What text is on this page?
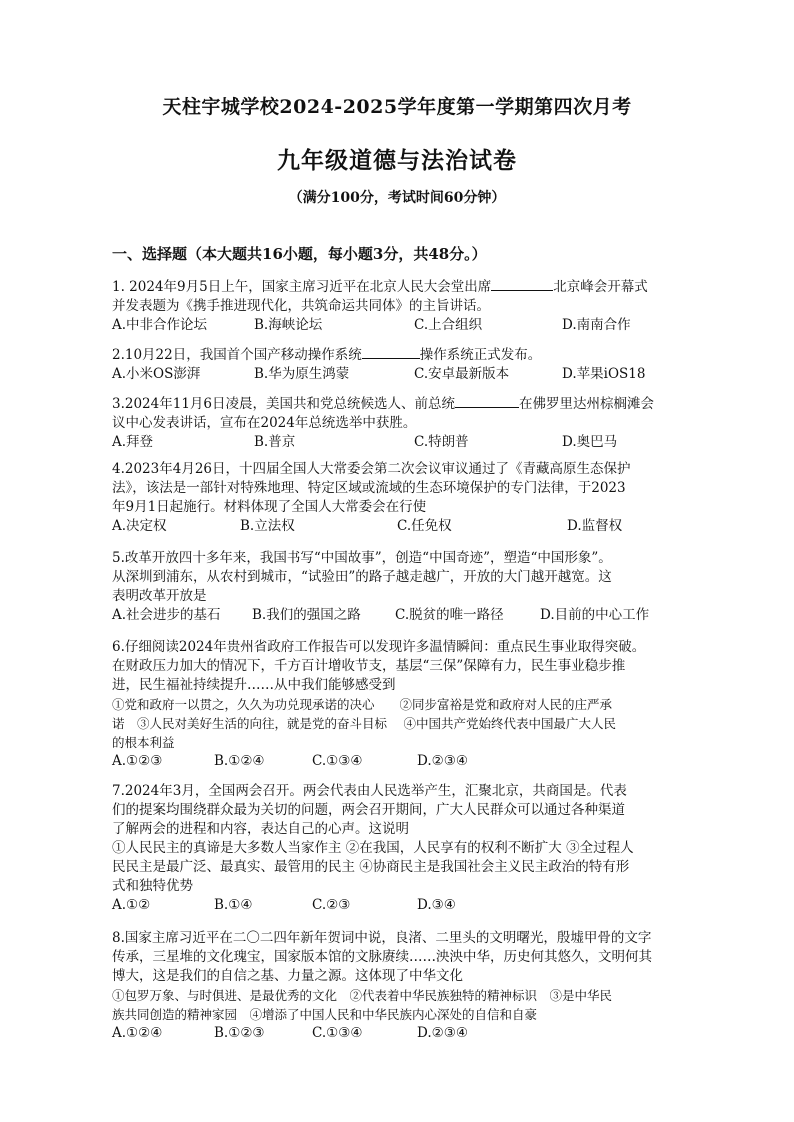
天柱宇城学校2024-2025学年度第一学期第四次月考
九年级道德与法治试卷
（满分100分，考试时间60分钟）
一、选择题（本大题共16小题，每小题3分，共48分。）

1. 2024年9月5日上午，国家主席习近平在北京人民大会堂出席	北京峰会开幕式

并发表题为《携手推进现代化，共筑命运共同体》的主旨讲话。

A.中非合作论坛	B.海峡论坛	C.上合组织	D.南南合作

2.10月22日，我国首个国产移动操作系统	操作系统正式发布。

A.小米OS澎湃	B.华为原生鸿蒙	C.安卓最新版本	D.苹果iOS18

3.2024年11月6日凌晨，美国共和党总统候选人、前总统	在佛罗里达州棕榈滩会

议中心发表讲话，宣布在2024年总统选举中获胜。

A.拜登	B.普京	C.特朗普	D.奥巴马

4.2023年4月26日，十四届全国人大常委会第二次会议审议通过了《青藏高原生态保护

法》，该法是一部针对特殊地理、特定区域或流域的生态环境保护的专门法律，于2023

年9月1日起施行。材料体现了全国人大常委会在行使

A.决定权	B.立法权	C.任免权	D.监督权

5.改革开放四十多年来，我国书写“中国故事”，创造“中国奇迹”，塑造“中国形象”。

从深圳到浦东，从农村到城市，“试验田”的路子越走越广，开放的大门越开越宽。这

表明改革开放是

A.社会进步的基石 B.我们的强国之路	C.脱贫的唯一路径	D.目前的中心工作

6.仔细阅读2024年贵州省政府工作报告可以发现许多温情瞬间：重点民生事业取得突破。

在财政压力加大的情况下，千方百计增收节支，基层“三保”保障有力，民生事业稳步推

进，民生福祉持续提升……从中我们能够感受到

①党和政府一以贯之，久久为功兑现承诺的决心　　②同步富裕是党和政府对人民的庄严承

诺　③人民对美好生活的向往，就是党的奋斗目标　 ④中国共产党始终代表中国最广大人民

的根本利益

A.①②③	B.①②④	C.①③④	D.②③④

7.2024年3月，全国两会召开。两会代表由人民选举产生，汇聚北京，共商国是。代表

们的提案均围绕群众最为关切的问题，两会召开期间，广大人民群众可以通过各种渠道

了解两会的进程和内容，表达自己的心声。这说明

①人民民主的真谛是大多数人当家作主 ②在我国，人民享有的权利不断扩大 ③全过程人

民民主是最广泛、最真实、最管用的民主 ④协商民主是我国社会主义民主政治的特有形

式和独特优势

A.①②	B.①④	C.②③	D.③④

8.国家主席习近平在二〇二四年新年贺词中说，良渚、二里头的文明曙光，殷墟甲骨的文字

传承，三星堆的文化瑰宝，国家版本馆的文脉赓续……泱泱中华，历史何其悠久，文明何其

博大，这是我们的自信之基、力量之源。这体现了中华文化

①包罗万象、与时俱进、是最优秀的文化　②代表着中华民族独特的精神标识　③是中华民

族共同创造的精神家园　④增添了中国人民和中华民族内心深处的自信和自豪

A.①②④	B.①②③	C.①③④	D.②③④
